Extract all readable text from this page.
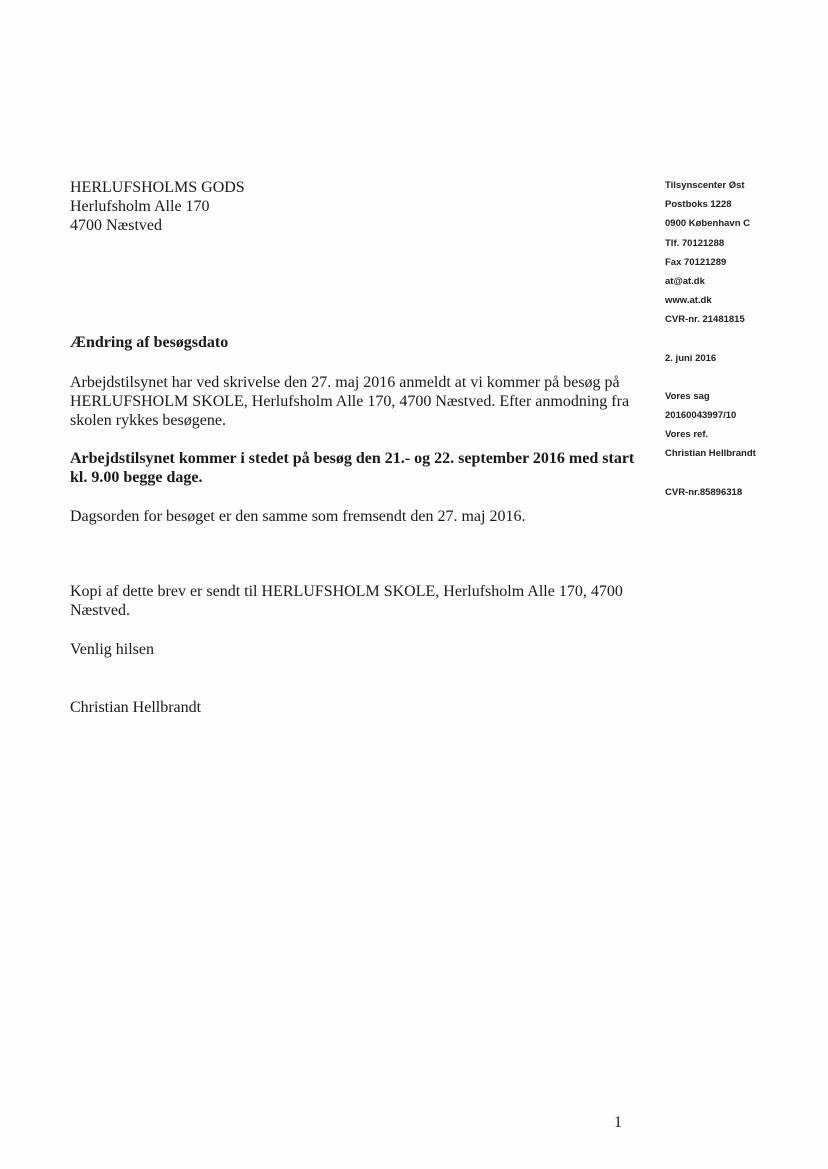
HERLUFSHOLMS GODS
Herlufsholm Alle 170
4700 Næstved
Tilsynscenter Øst
Postboks 1228
0900 København C
Tlf. 70121288
Fax 70121289
at@at.dk
www.at.dk
CVR-nr. 21481815
2. juni 2016
Vores sag
20160043997/10
Vores ref.
Christian Hellbrandt
CVR-nr.85896318
Ændring af besøgsdato
Arbejdstilsynet har ved skrivelse den 27. maj 2016 anmeldt at vi kommer på besøg på HERLUFSHOLM SKOLE, Herlufsholm Alle 170, 4700 Næstved. Efter anmodning fra skolen rykkes besøgene.
Arbejdstilsynet kommer i stedet på besøg den 21.- og 22. september 2016 med start kl. 9.00 begge dage.
Dagsorden for besøget er den samme som fremsendt den 27. maj 2016.
Kopi af dette brev er sendt til HERLUFSHOLM SKOLE, Herlufsholm Alle 170, 4700 Næstved.
Venlig hilsen
Christian Hellbrandt
1
